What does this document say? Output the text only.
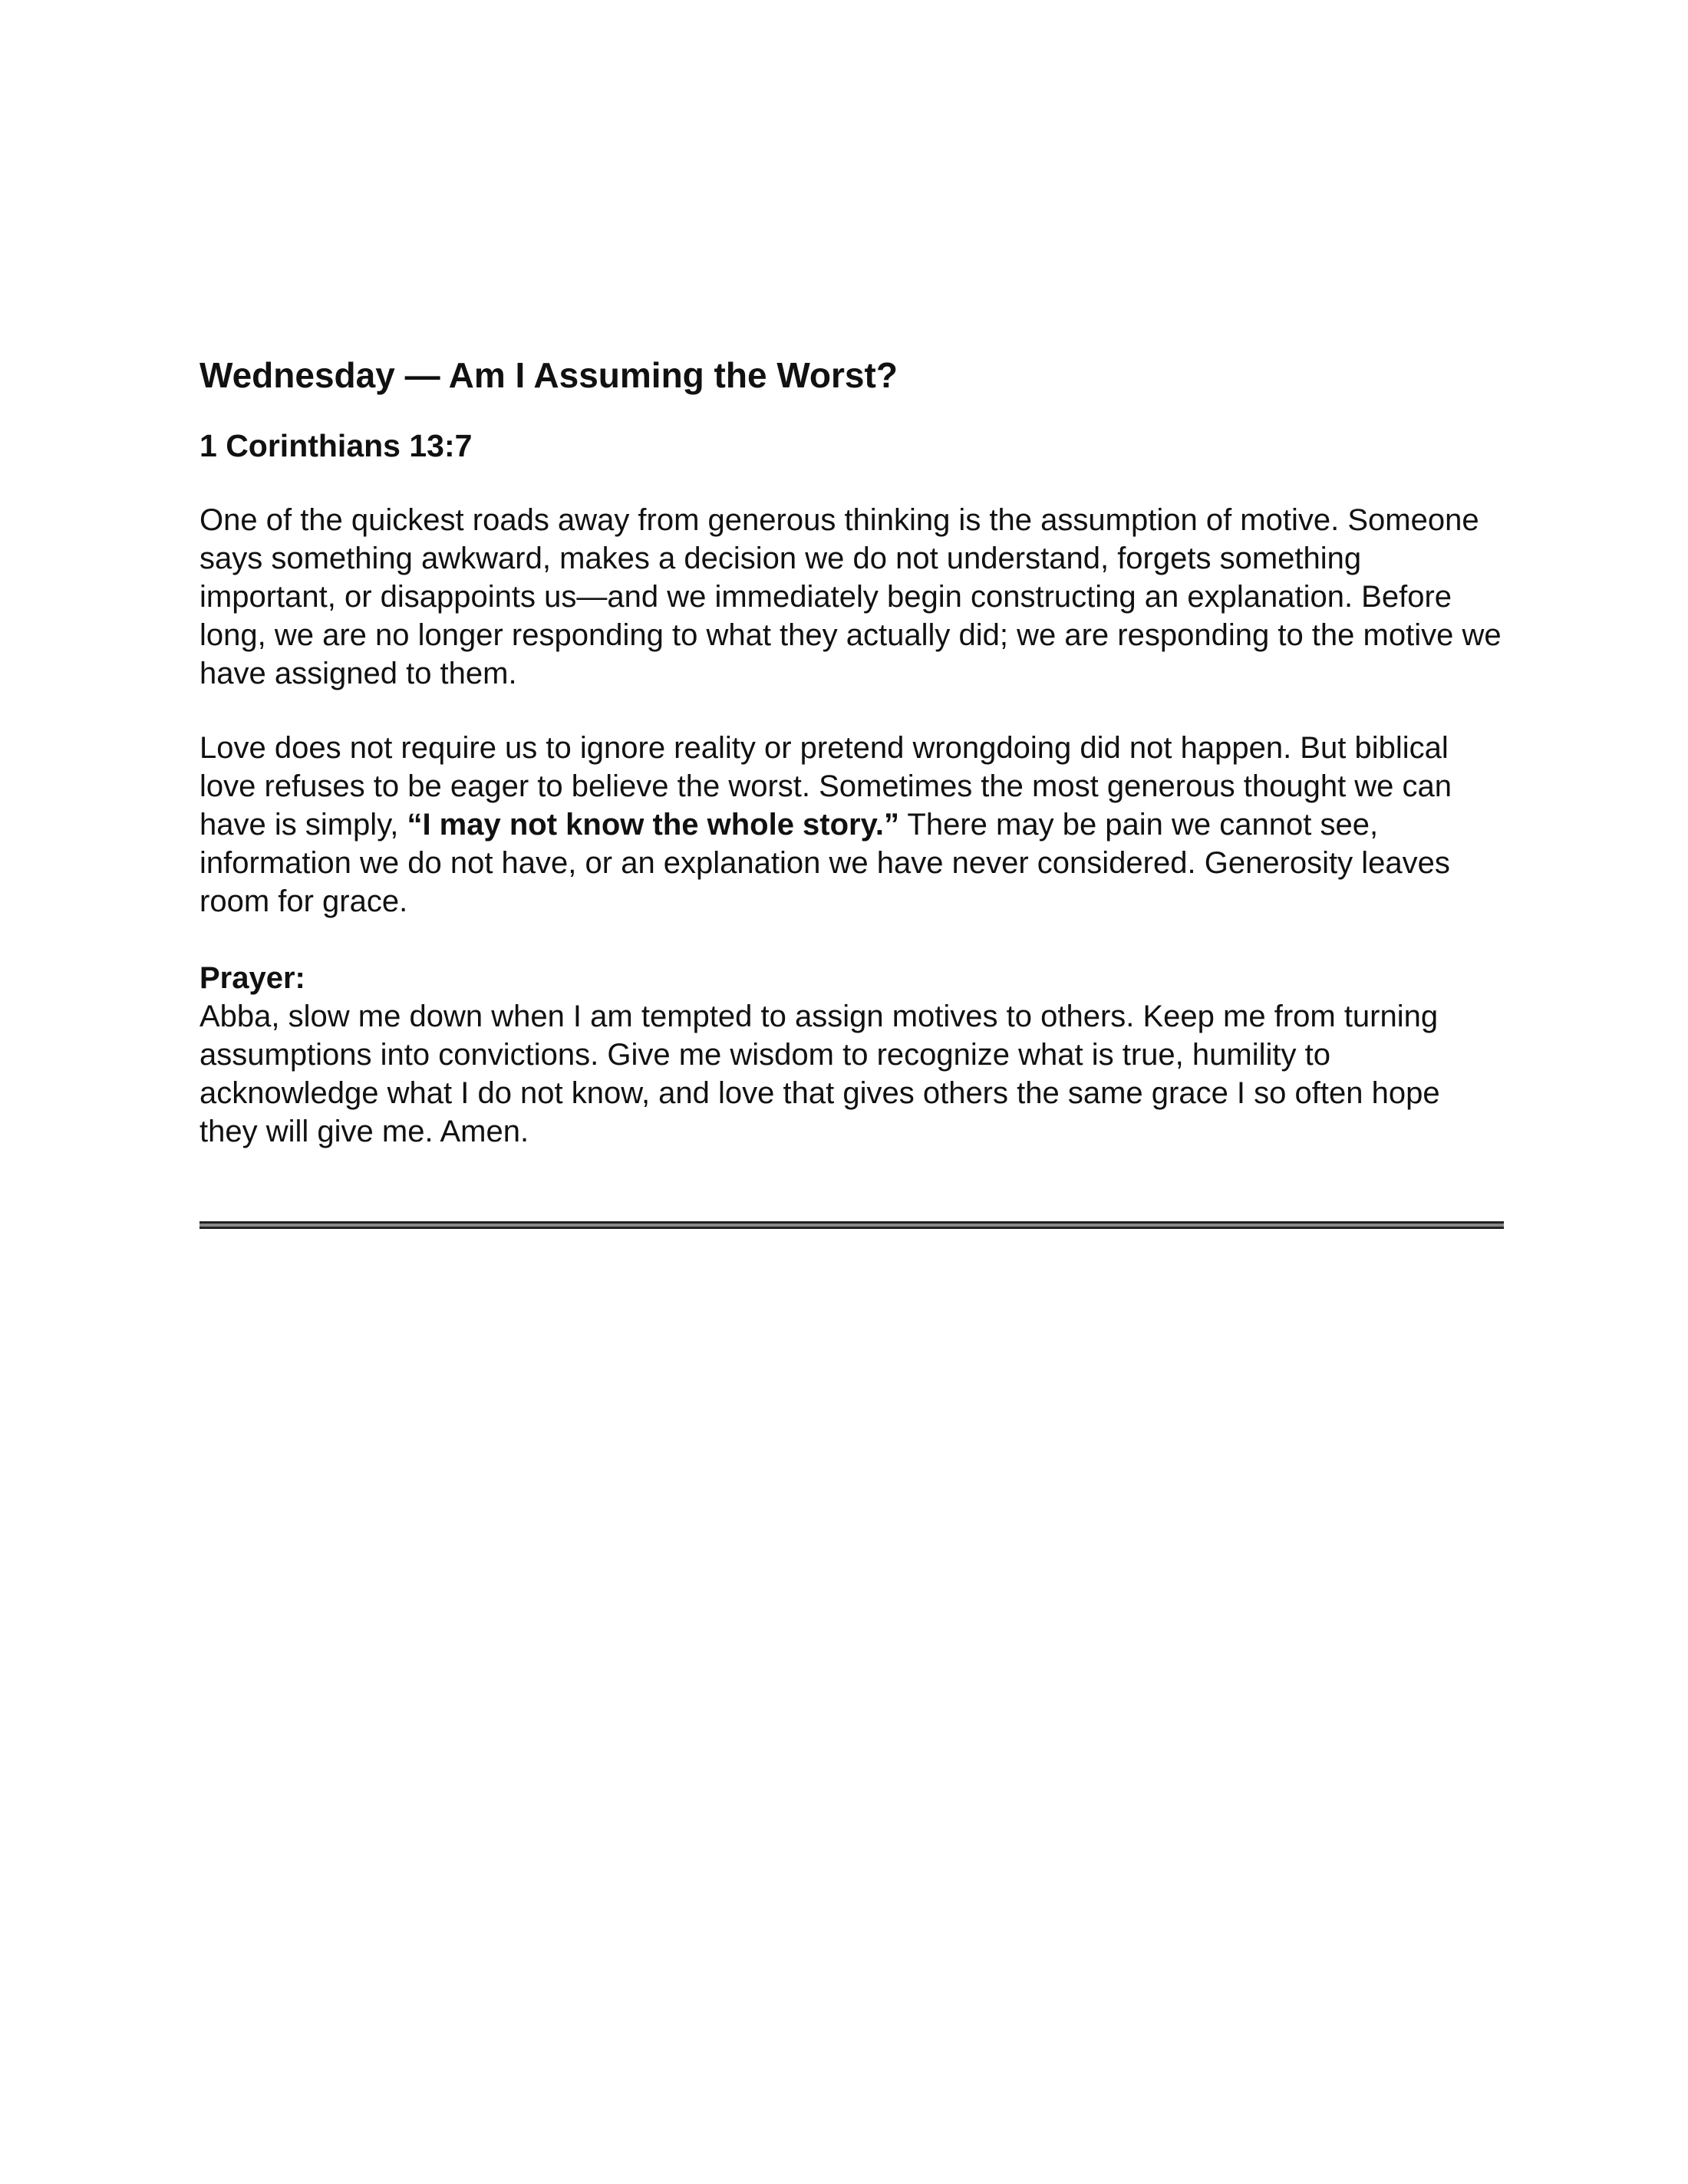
Wednesday — Am I Assuming the Worst?
1 Corinthians 13:7

One of the quickest roads away from generous thinking is the assumption of motive. Someone says something awkward, makes a decision we do not understand, forgets something important, or disappoints us—and we immediately begin constructing an explanation. Before long, we are no longer responding to what they actually did; we are responding to the motive we have assigned to them.

Love does not require us to ignore reality or pretend wrongdoing did not happen. But biblical love refuses to be eager to believe the worst. Sometimes the most generous thought we can have is simply, “I may not know the whole story.” There may be pain we cannot see, information we do not have, or an explanation we have never considered. Generosity leaves room for grace.

Prayer:

Abba, slow me down when I am tempted to assign motives to others. Keep me from turning assumptions into convictions. Give me wisdom to recognize what is true, humility to acknowledge what I do not know, and love that gives others the same grace I so often hope they will give me. Amen.
